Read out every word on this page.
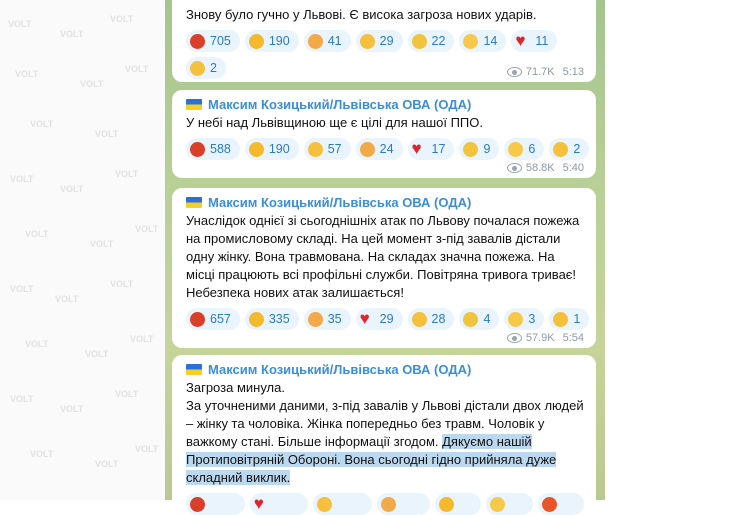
VOLT
VOLT
VOLT
VOLT
VOLT
VOLT
VOLT
VOLT
VOLT
VOLT
VOLT
VOLT
VOLT
VOLT
VOLT
VOLT
VOLT
VOLT
VOLT
VOLT
VOLT
VOLT
VOLT
VOLT
VOLT
VOLT
Знову було гучно у Львові. Є висока загроза нових ударів.
705	190	41	29	22	14 ♥	11
2	71.7K 5:13
Максим Козицький/Львівська ОВА (ОДА)
У небі над Львівщиною ще є цілі для нашої ППО.
588	190	57	24 ♥	17	9	6	2
58.8K 5:40
Максим Козицький/Львівська ОВА (ОДА)
Унаслідок однієї зі сьогоднішніх атак по Львову почалася пожежа на промисловому складі. На цей момент з-під завалів дістали одну жінку. Вона травмована. На складах значна пожежа. На місці працюють всі профільні служби. Повітряна тривога триває! Небезпека нових атак залишається!
657	335	35 ♥	29	28	4	3	1
57.9K 5:54
Максим Козицький/Львівська ОВА (ОДА)
Загроза минула.
За уточненими даними, з-під завалів у Львові дістали двох людей – жінку та чоловіка. Жінка попередньо без травм. Чоловік у важкому стані. Більше інформації згодом. Дякуємо нашій Протиповітряній Обороні. Вона сьогодні гідно прийняла дуже складний виклик.
♥
